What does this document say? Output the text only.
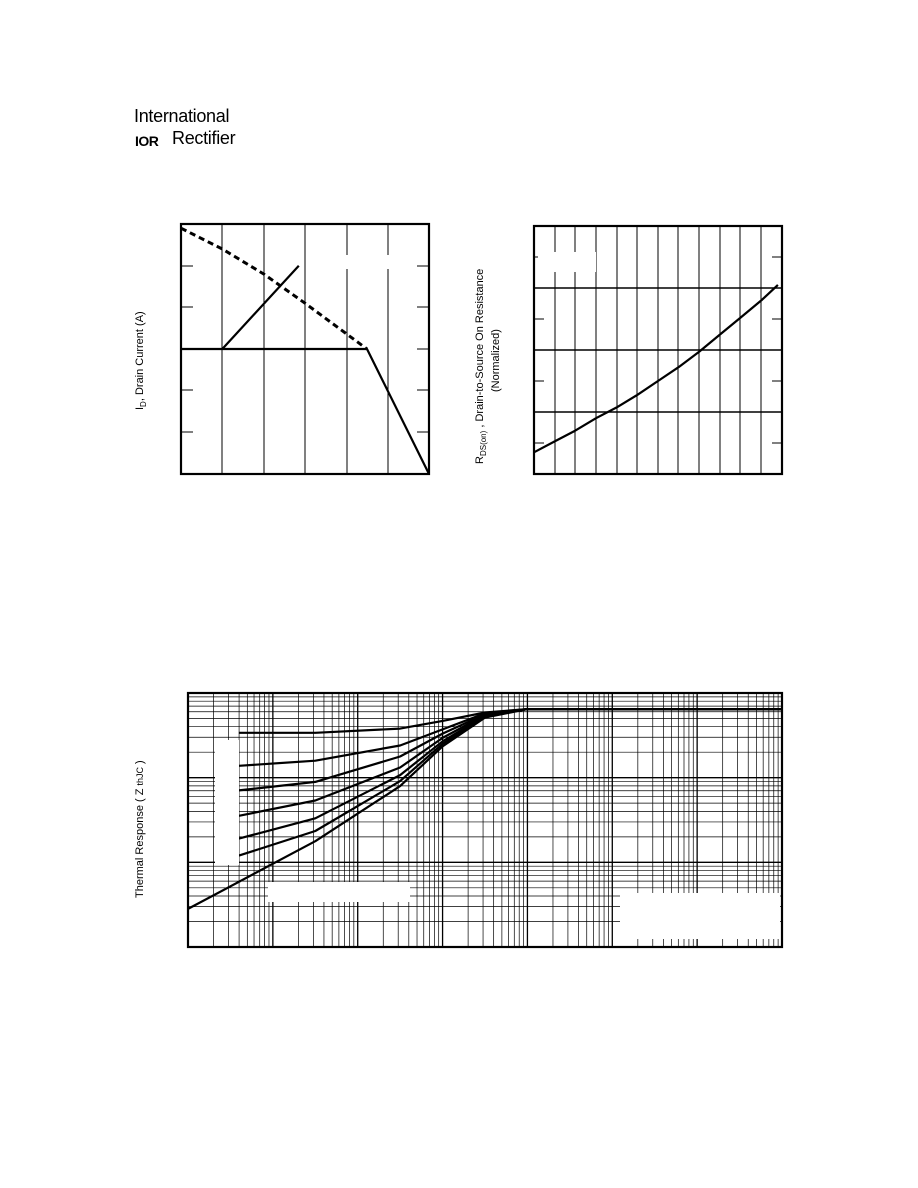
International
IOR Rectifier
$I_D$, Drain Current (A)
$R_{DS(on)}$ , Drain-to-Source On Resistance (Normalized)
Thermal Response ( Z thJC )
